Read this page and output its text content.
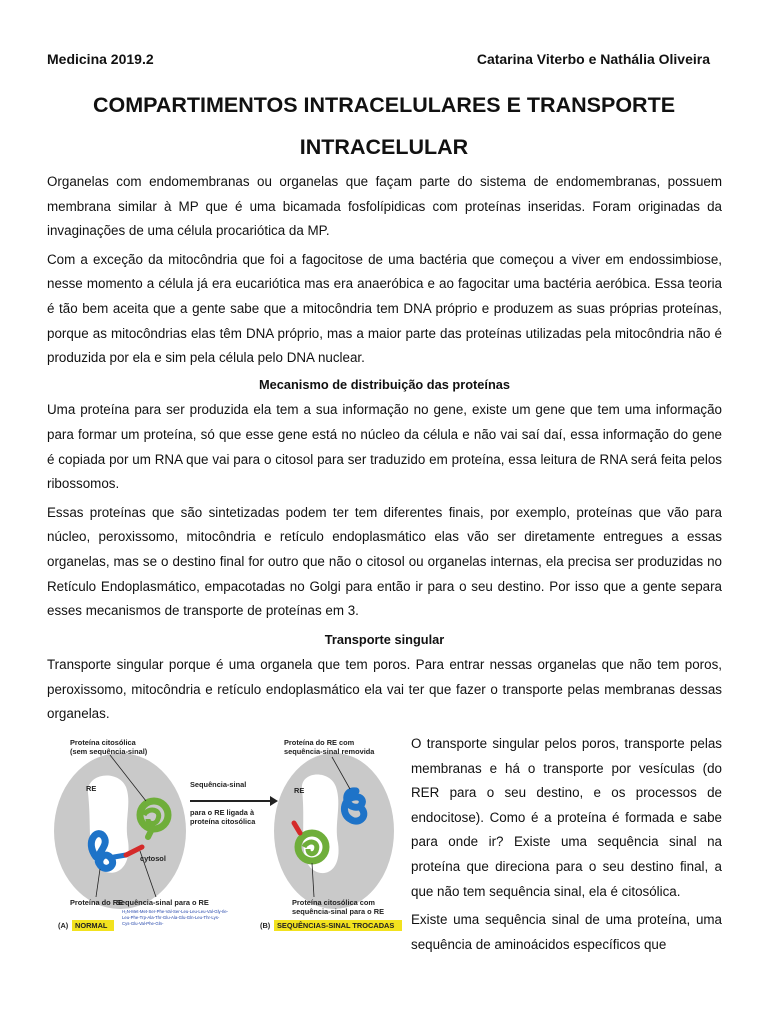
Medicina 2019.2	Catarina Viterbo e Nathália Oliveira
COMPARTIMENTOS INTRACELULARES E TRANSPORTE
INTRACELULAR

Organelas com endomembranas ou organelas que façam parte do sistema de endomembranas, possuem membrana similar à MP que é uma bicamada fosfolípidicas com proteínas inseridas. Foram originadas da invaginações de uma célula procariótica da MP.

Com a exceção da mitocôndria que foi a fagocitose de uma bactéria que começou a viver em endossimbiose, nesse momento a célula já era eucariótica mas era anaeróbica e ao fagocitar uma bactéria aeróbica. Essa teoria é tão bem aceita que a gente sabe que a mitocôndria tem DNA próprio e produzem as suas próprias proteínas, porque as mitocôndrias elas têm DNA próprio, mas a maior parte das proteínas utilizadas pela mitocôndria não é produzida por ela e sim pela célula pelo DNA nuclear.

Mecanismo de distribuição das proteínas

Uma proteína para ser produzida ela tem a sua informação no gene, existe um gene que tem uma informação para formar um proteína, só que esse gene está no núcleo da célula e não vai saí daí, essa informação do gene é copiada por um RNA que vai para o citosol para ser traduzido em proteína, essa leitura de RNA será feita pelos ribossomos.

Essas proteínas que são sintetizadas podem ter tem diferentes finais, por exemplo, proteínas que vão para núcleo, peroxissomo, mitocôndria e retículo endoplasmático elas vão ser diretamente entregues a essas organelas, mas se o destino final for outro que não o citosol ou organelas internas, ela precisa ser produzidas no Retículo Endoplasmático, empacotadas no Golgi para então ir para o seu destino. Por isso que a gente separa esses mecanismos de transporte de proteínas em 3.

Transporte singular

Transporte singular porque é uma organela que tem poros. Para entrar nessas organelas que não tem poros, peroxissomo, mitocôndria e retículo endoplasmático ela vai ter que fazer o transporte pelas membranas dessas organelas.

Proteína citosólica
(sem sequência-sinal)
RE
cytosol
Sequência-sinal
para o RE ligada à
proteína citosólica
Proteína do RE com
sequência-sinal removida
RE
Proteína do RE
Sequência-sinal para o RE
H₂N-Met-Met-Ser-Phe-Val-Ser-Leu-Leu-Leu-Val-Gly-Ile-
Leu-Phe-Trp-Ala-Thr-Glu-Ala-Glu-Gln-Leu-Thr-Lys-
Cys-Glu-Val-Phe-Gln-
Proteína citosólica com
sequência-sinal para o RE
(A) NORMAL	(B) SEQUÊNCIAS-SINAL TROCADAS

O transporte singular pelos poros, transporte pelas membranas e há o transporte por vesículas (do RER para o seu destino, e os processos de endocitose). Como é a proteína é formada e sabe para onde ir? Existe uma sequência sinal na proteína que direciona para o seu destino final, a que não tem sequência sinal, ela é citosólica.

Existe uma sequência sinal de uma proteína, uma sequência de aminoácidos específicos que
